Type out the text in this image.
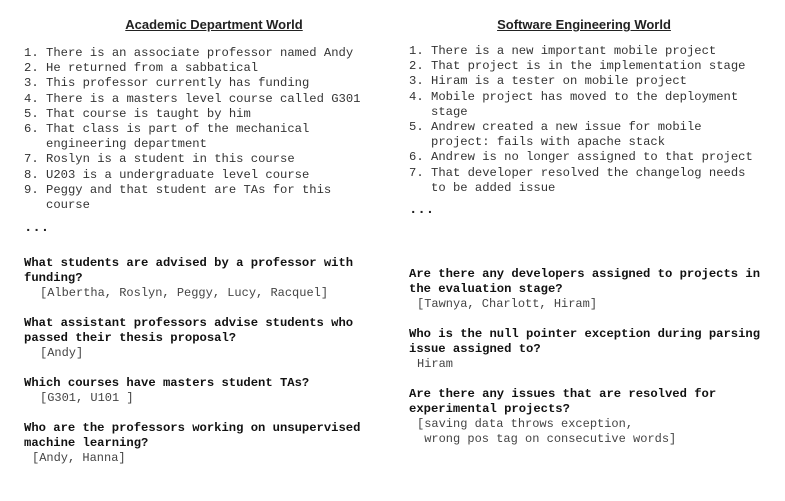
Academic Department World
1. There is an associate professor named Andy
2. He returned from a sabbatical
3. This professor currently has funding
4. There is a masters level course called G301
5. That course is taught by him
6. That class is part of the mechanical engineering department
7. Roslyn is a student in this course
8. U203 is a undergraduate level course
9. Peggy and that student are TAs for this course
...
What students are advised by a professor with funding?
[Albertha, Roslyn, Peggy, Lucy, Racquel]
What assistant professors advise students who passed their thesis proposal?
[Andy]
Which courses have masters student TAs?
[G301, U101 ]
Who are the professors working on unsupervised machine learning?
[Andy, Hanna]
Software Engineering World
1. There is a new important mobile project
2. That project is in the implementation stage
3. Hiram is a tester on mobile project
4. Mobile project has moved to the deployment stage
5. Andrew created a new issue for mobile project: fails with apache stack
6. Andrew is no longer assigned to that project
7. That developer resolved the changelog needs to be added issue
...
Are there any developers assigned to projects in the evaluation stage?
[Tawnya, Charlott, Hiram]
Who is the null pointer exception during parsing issue assigned to?
Hiram
Are there any issues that are resolved for experimental projects?
[saving data throws exception,
wrong pos tag on consecutive words]
